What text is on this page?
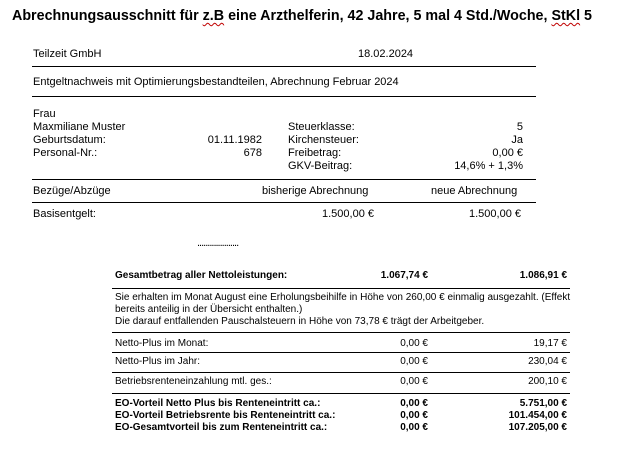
Abrechnungsausschnitt für z.B eine Arzthelferin, 42 Jahre, 5 mal 4 Std./Woche, StKl 5
Teilzeit GmbH	18.02.2024
Entgeltnachweis mit Optimierungsbestandteilen, Abrechnung Februar 2024
Frau
Maxmiliane Muster
Geburtsdatum:	01.11.1982
Personal-Nr.:	678
Steuerklasse:	5
Kirchensteuer:	Ja
Freibetrag:	0,00 €
GKV-Beitrag:	14,6% + 1,3%
Bezüge/Abzüge	bisherige Abrechnung	neue Abrechnung
Basisentgelt:	1.500,00 €	1.500,00 €
....................
Gesamtbetrag aller Nettoleistungen:	1.067,74 €	1.086,91 €
Sie erhalten im Monat August eine Erholungsbeihilfe in Höhe von 260,00 € einmalig ausgezahlt. (Effekt
bereits anteilig in der Übersicht enthalten.)
Die darauf entfallenden Pauschalsteuern in Höhe von 73,78 € trägt der Arbeitgeber.
Netto-Plus im Monat:	0,00 €	19,17 €
Netto-Plus im Jahr:	0,00 €	230,04 €
Betriebsrenteneinzahlung mtl. ges.:	0,00 €	200,10 €
EO-Vorteil Netto Plus bis Renteneintritt ca.:	0,00 €	5.751,00 €
EO-Vorteil Betriebsrente bis Renteneintritt ca.:	0,00 €	101.454,00 €
EO-Gesamtvorteil bis zum Renteneintritt ca.:	0,00 €	107.205,00 €
